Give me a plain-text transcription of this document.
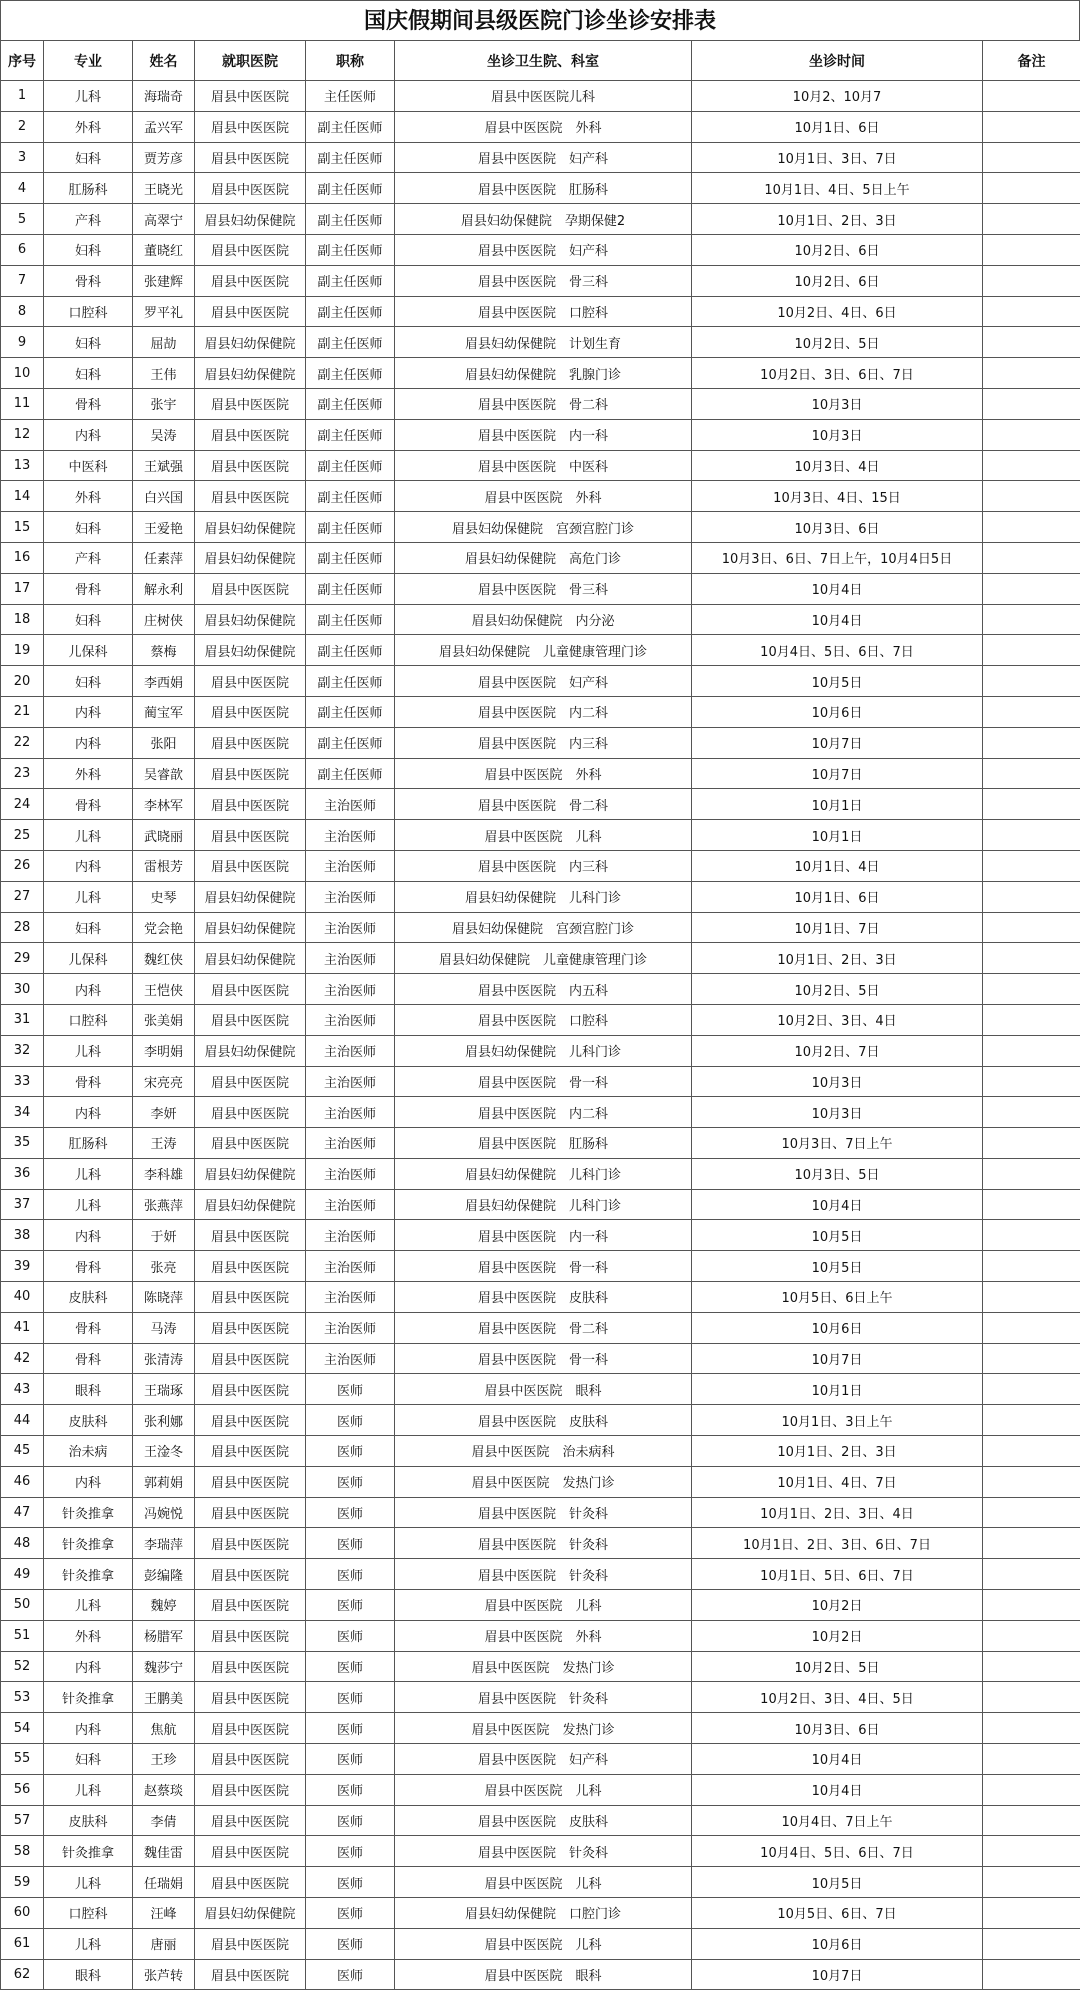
国庆假期间县级医院门诊坐诊安排表
序号	专业	姓名	就职医院	职称	坐诊卫生院、科室	坐诊时间	备注
1	儿科	海瑞奇	眉县中医医院	主任医师	眉县中医医院儿科	10月2、10月7	
2	外科	孟兴军	眉县中医医院	副主任医师	眉县中医医院　外科	10月1日、6日	
3	妇科	贾芳彦	眉县中医医院	副主任医师	眉县中医医院　妇产科	10月1日、3日、7日	
4	肛肠科	王晓光	眉县中医医院	副主任医师	眉县中医医院　肛肠科	10月1日、4日、5日上午	
5	产科	高翠宁	眉县妇幼保健院	副主任医师	眉县妇幼保健院　孕期保健2	10月1日、2日、3日	
6	妇科	董晓红	眉县中医医院	副主任医师	眉县中医医院　妇产科	10月2日、6日	
7	骨科	张建辉	眉县中医医院	副主任医师	眉县中医医院　骨三科	10月2日、6日	
8	口腔科	罗平礼	眉县中医医院	副主任医师	眉县中医医院　口腔科	10月2日、4日、6日	
9	妇科	屈劼	眉县妇幼保健院	副主任医师	眉县妇幼保健院　计划生育	10月2日、5日	
10	妇科	王伟	眉县妇幼保健院	副主任医师	眉县妇幼保健院　乳腺门诊	10月2日、3日、6日、7日	
11	骨科	张宇	眉县中医医院	副主任医师	眉县中医医院　骨二科	10月3日	
12	内科	吴涛	眉县中医医院	副主任医师	眉县中医医院　内一科	10月3日	
13	中医科	王斌强	眉县中医医院	副主任医师	眉县中医医院　中医科	10月3日、4日	
14	外科	白兴国	眉县中医医院	副主任医师	眉县中医医院　外科	10月3日、4日、15日	
15	妇科	王爱艳	眉县妇幼保健院	副主任医师	眉县妇幼保健院　宫颈宫腔门诊	10月3日、6日	
16	产科	任素萍	眉县妇幼保健院	副主任医师	眉县妇幼保健院　高危门诊	10月3日、6日、7日上午，10月4日5日	
17	骨科	解永利	眉县中医医院	副主任医师	眉县中医医院　骨三科	10月4日	
18	妇科	庄树侠	眉县妇幼保健院	副主任医师	眉县妇幼保健院　内分泌	10月4日	
19	儿保科	蔡梅	眉县妇幼保健院	副主任医师	眉县妇幼保健院　儿童健康管理门诊	10月4日、5日、6日、7日	
20	妇科	李西娟	眉县中医医院	副主任医师	眉县中医医院　妇产科	10月5日	
21	内科	蔺宝军	眉县中医医院	副主任医师	眉县中医医院　内二科	10月6日	
22	内科	张阳	眉县中医医院	副主任医师	眉县中医医院　内三科	10月7日	
23	外科	吴睿歆	眉县中医医院	副主任医师	眉县中医医院　外科	10月7日	
24	骨科	李林军	眉县中医医院	主治医师	眉县中医医院　骨二科	10月1日	
25	儿科	武晓丽	眉县中医医院	主治医师	眉县中医医院　儿科	10月1日	
26	内科	雷根芳	眉县中医医院	主治医师	眉县中医医院　内三科	10月1日、4日	
27	儿科	史琴	眉县妇幼保健院	主治医师	眉县妇幼保健院　儿科门诊	10月1日、6日	
28	妇科	党会艳	眉县妇幼保健院	主治医师	眉县妇幼保健院　宫颈宫腔门诊	10月1日、7日	
29	儿保科	魏红侠	眉县妇幼保健院	主治医师	眉县妇幼保健院　儿童健康管理门诊	10月1日、2日、3日	
30	内科	王恺侠	眉县中医医院	主治医师	眉县中医医院　内五科	10月2日、5日	
31	口腔科	张美娟	眉县中医医院	主治医师	眉县中医医院　口腔科	10月2日、3日、4日	
32	儿科	李明娟	眉县妇幼保健院	主治医师	眉县妇幼保健院　儿科门诊	10月2日、7日	
33	骨科	宋亮亮	眉县中医医院	主治医师	眉县中医医院　骨一科	10月3日	
34	内科	李妍	眉县中医医院	主治医师	眉县中医医院　内二科	10月3日	
35	肛肠科	王涛	眉县中医医院	主治医师	眉县中医医院　肛肠科	10月3日、7日上午	
36	儿科	李科雄	眉县妇幼保健院	主治医师	眉县妇幼保健院　儿科门诊	10月3日、5日	
37	儿科	张燕萍	眉县妇幼保健院	主治医师	眉县妇幼保健院　儿科门诊	10月4日	
38	内科	于妍	眉县中医医院	主治医师	眉县中医医院　内一科	10月5日	
39	骨科	张亮	眉县中医医院	主治医师	眉县中医医院　骨一科	10月5日	
40	皮肤科	陈晓萍	眉县中医医院	主治医师	眉县中医医院　皮肤科	10月5日、6日上午	
41	骨科	马涛	眉县中医医院	主治医师	眉县中医医院　骨二科	10月6日	
42	骨科	张清涛	眉县中医医院	主治医师	眉县中医医院　骨一科	10月7日	
43	眼科	王瑞琢	眉县中医医院	医师	眉县中医医院　眼科	10月1日	
44	皮肤科	张利娜	眉县中医医院	医师	眉县中医医院　皮肤科	10月1日、3日上午	
45	治未病	王淦冬	眉县中医医院	医师	眉县中医医院　治未病科	10月1日、2日、3日	
46	内科	郭莉娟	眉县中医医院	医师	眉县中医医院　发热门诊	10月1日、4日、7日	
47	针灸推拿	冯婉悦	眉县中医医院	医师	眉县中医医院　针灸科	10月1日、2日、3日、4日	
48	针灸推拿	李瑞萍	眉县中医医院	医师	眉县中医医院　针灸科	10月1日、2日、3日、6日、7日	
49	针灸推拿	彭编隆	眉县中医医院	医师	眉县中医医院　针灸科	10月1日、5日、6日、7日	
50	儿科	魏婷	眉县中医医院	医师	眉县中医医院　儿科	10月2日	
51	外科	杨腊军	眉县中医医院	医师	眉县中医医院　外科	10月2日	
52	内科	魏莎宁	眉县中医医院	医师	眉县中医医院　发热门诊	10月2日、5日	
53	针灸推拿	王鹏美	眉县中医医院	医师	眉县中医医院　针灸科	10月2日、3日、4日、5日	
54	内科	焦航	眉县中医医院	医师	眉县中医医院　发热门诊	10月3日、6日	
55	妇科	王珍	眉县中医医院	医师	眉县中医医院　妇产科	10月4日	
56	儿科	赵蔡琰	眉县中医医院	医师	眉县中医医院　儿科	10月4日	
57	皮肤科	李倩	眉县中医医院	医师	眉县中医医院　皮肤科	10月4日、7日上午	
58	针灸推拿	魏佳雷	眉县中医医院	医师	眉县中医医院　针灸科	10月4日、5日、6日、7日	
59	儿科	任瑞娟	眉县中医医院	医师	眉县中医医院　儿科	10月5日	
60	口腔科	汪峰	眉县妇幼保健院	医师	眉县妇幼保健院　口腔门诊	10月5日、6日、7日	
61	儿科	唐丽	眉县中医医院	医师	眉县中医医院　儿科	10月6日	
62	眼科	张芦转	眉县中医医院	医师	眉县中医医院　眼科	10月7日	
